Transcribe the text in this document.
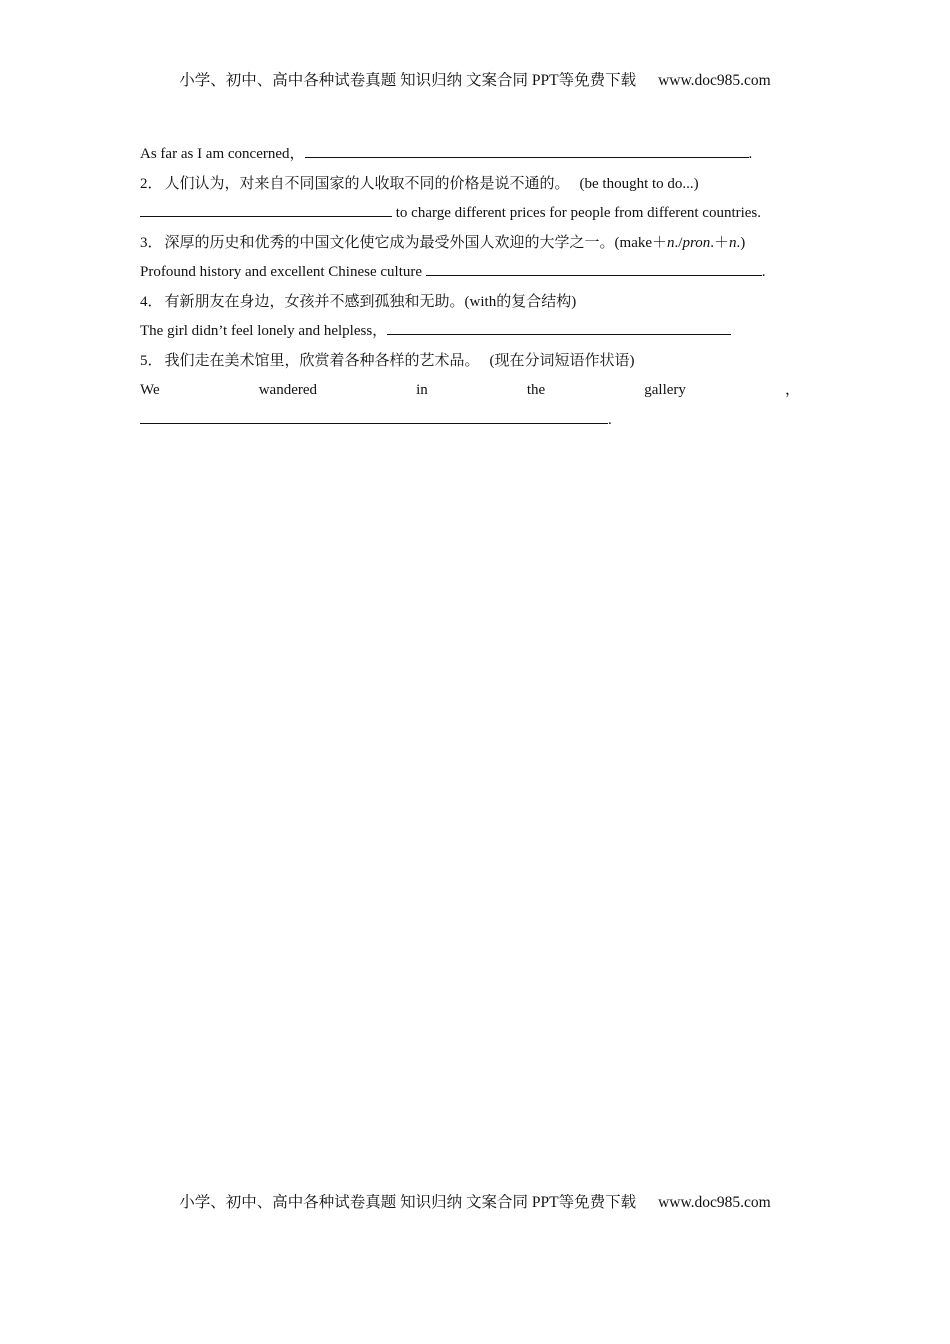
小学、初中、高中各种试卷真题 知识归纳 文案合同 PPT等免费下载 www.doc985.com
As far as I am concerned，	.
2． 人们认为，对来自不同国家的人收取不同的价格是说不通的。 (be thought to do...)
to charge different prices for people from different countries.
3． 深厚的历史和优秀的中国文化使它成为最受外国人欢迎的大学之一。(make＋n./pron.＋n.)
Profound history and excellent Chinese culture	.
4． 有新朋友在身边，女孩并不感到孤独和无助。(with的复合结构)
The girl didn’t feel lonely and helpless，
5． 我们走在美术馆里，欣赏着各种各样的艺术品。 (现在分词短语作状语)
We	wandered	in	the	gallery	，
.
小学、初中、高中各种试卷真题 知识归纳 文案合同 PPT等免费下载 www.doc985.com
